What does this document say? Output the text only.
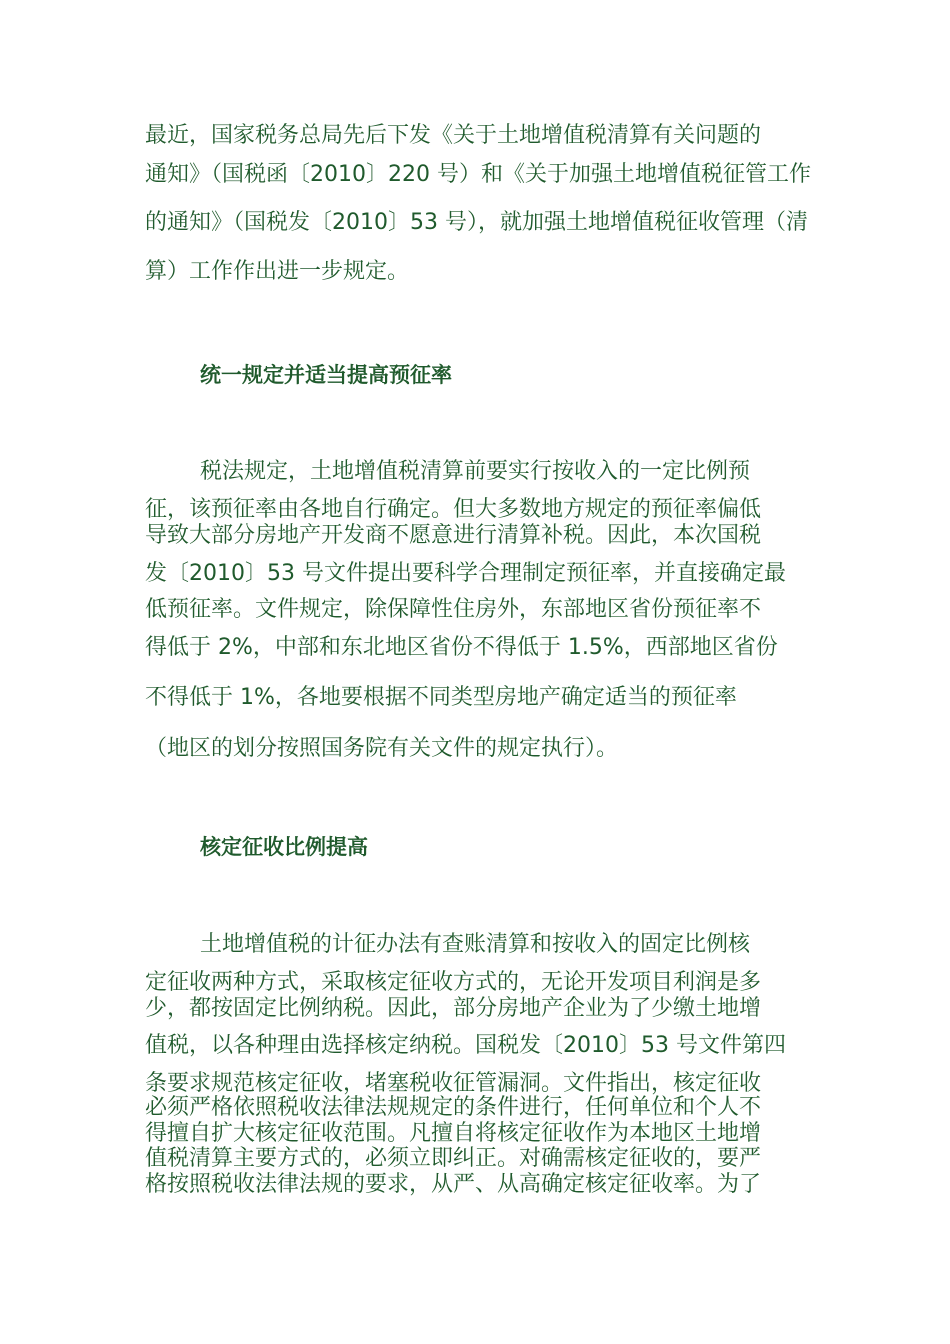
最近，国家税务总局先后下发《关于土地增值税清算有关问题的
通知》（国税函〔2010〕220 号）和《关于加强土地增值税征管工作
的通知》（国税发〔2010〕53 号），就加强土地增值税征收管理（清
算）工作作出进一步规定。
统一规定并适当提高预征率
税法规定，土地增值税清算前要实行按收入的一定比例预
征，该预征率由各地自行确定。但大多数地方规定的预征率偏低
导致大部分房地产开发商不愿意进行清算补税。因此，本次国税
发〔2010〕53 号文件提出要科学合理制定预征率，并直接确定最
低预征率。文件规定，除保障性住房外，东部地区省份预征率不
得低于 2%，中部和东北地区省份不得低于 1.5%，西部地区省份
不得低于 1%，各地要根据不同类型房地产确定适当的预征率
（地区的划分按照国务院有关文件的规定执行）。
核定征收比例提高
土地增值税的计征办法有查账清算和按收入的固定比例核
定征收两种方式，采取核定征收方式的，无论开发项目利润是多
少，都按固定比例纳税。因此，部分房地产企业为了少缴土地增
值税，以各种理由选择核定纳税。国税发〔2010〕53 号文件第四
条要求规范核定征收，堵塞税收征管漏洞。文件指出，核定征收
必须严格依照税收法律法规规定的条件进行，任何单位和个人不
得擅自扩大核定征收范围。凡擅自将核定征收作为本地区土地增
值税清算主要方式的，必须立即纠正。对确需核定征收的，要严
格按照税收法律法规的要求，从严、从高确定核定征收率。为了
